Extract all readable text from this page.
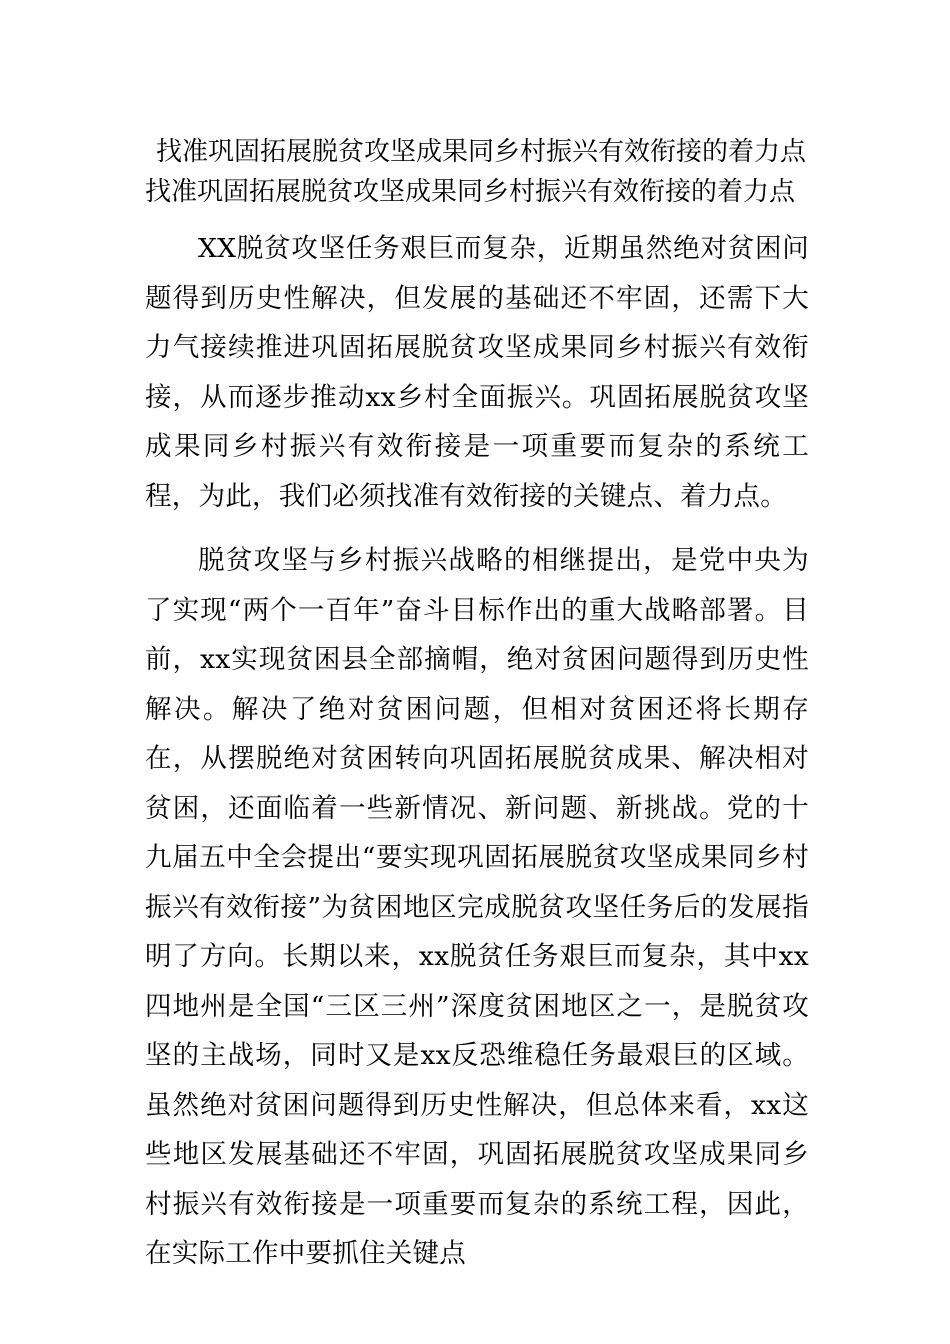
找准巩固拓展脱贫攻坚成果同乡村振兴有效衔接的着力点
找准巩固拓展脱贫攻坚成果同乡村振兴有效衔接的着力点

XX脱贫攻坚任务艰巨而复杂，近期虽然绝对贫困问题得到历史性解决，但发展的基础还不牢固，还需下大力气接续推进巩固拓展脱贫攻坚成果同乡村振兴有效衔接，从而逐步推动xx乡村全面振兴。巩固拓展脱贫攻坚成果同乡村振兴有效衔接是一项重要而复杂的系统工程，为此，我们必须找准有效衔接的关键点、着力点。

脱贫攻坚与乡村振兴战略的相继提出，是党中央为了实现“两个一百年”奋斗目标作出的重大战略部署。目前，xx实现贫困县全部摘帽，绝对贫困问题得到历史性解决。解决了绝对贫困问题，但相对贫困还将长期存在，从摆脱绝对贫困转向巩固拓展脱贫成果、解决相对贫困，还面临着一些新情况、新问题、新挑战。党的十九届五中全会提出“要实现巩固拓展脱贫攻坚成果同乡村振兴有效衔接”为贫困地区完成脱贫攻坚任务后的发展指明了方向。长期以来，xx脱贫任务艰巨而复杂，其中xx四地州是全国“三区三州”深度贫困地区之一，是脱贫攻坚的主战场，同时又是xx反恐维稳任务最艰巨的区域。虽然绝对贫困问题得到历史性解决，但总体来看，xx这些地区发展基础还不牢固，巩固拓展脱贫攻坚成果同乡村振兴有效衔接是一项重要而复杂的系统工程，因此，在实际工作中要抓住关键点
